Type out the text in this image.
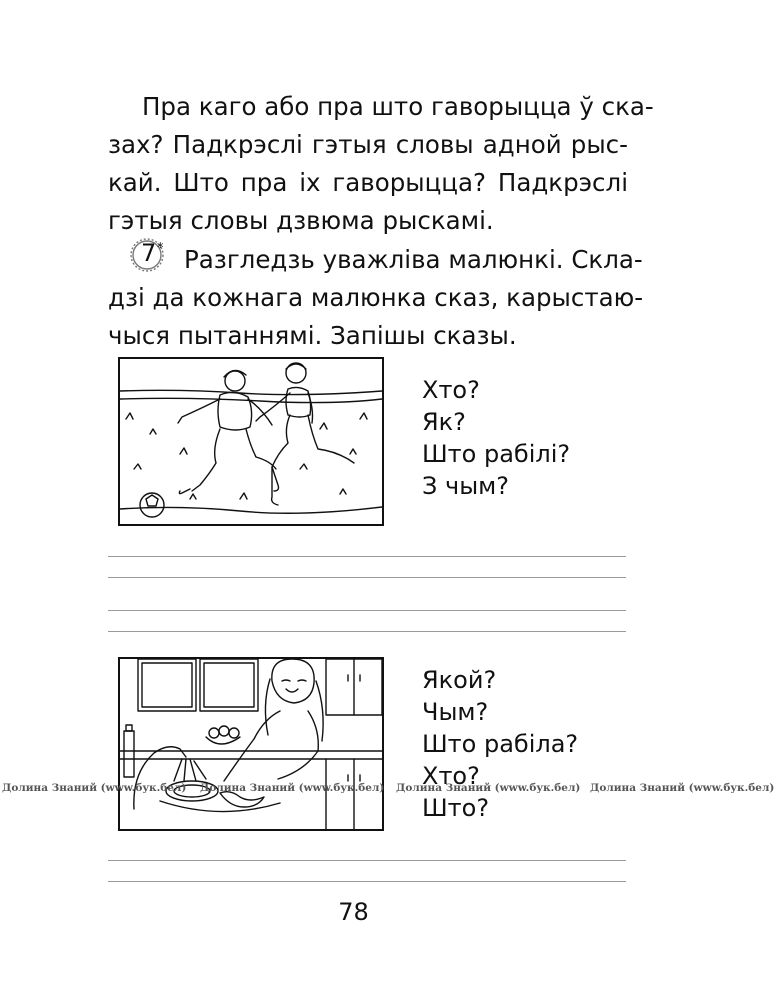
Пра каго або пра што гаворыцца ў ска-
зах? Падкрэслі гэтыя словы адной рыс-
кай. Што пра іх гаворыцца? Падкрэслі
гэтыя словы дзвюма рыскамі.
7 * Разгледзь уважліва малюнкі. Скла-
дзі да кожнага малюнка сказ, карыстаю-
чыся пытаннямі. Запішы сказы.
Хто?
Як?
Што рабілі?
З чым?
Якой?
Чым?
Што рабіла?
Хто?
Што?
Долина Знаний (www.бук.бел) Долина Знаний (www.бук.бел) Долина Знаний (www.бук.бел) Долина Знаний (www.бук.бел)
78
